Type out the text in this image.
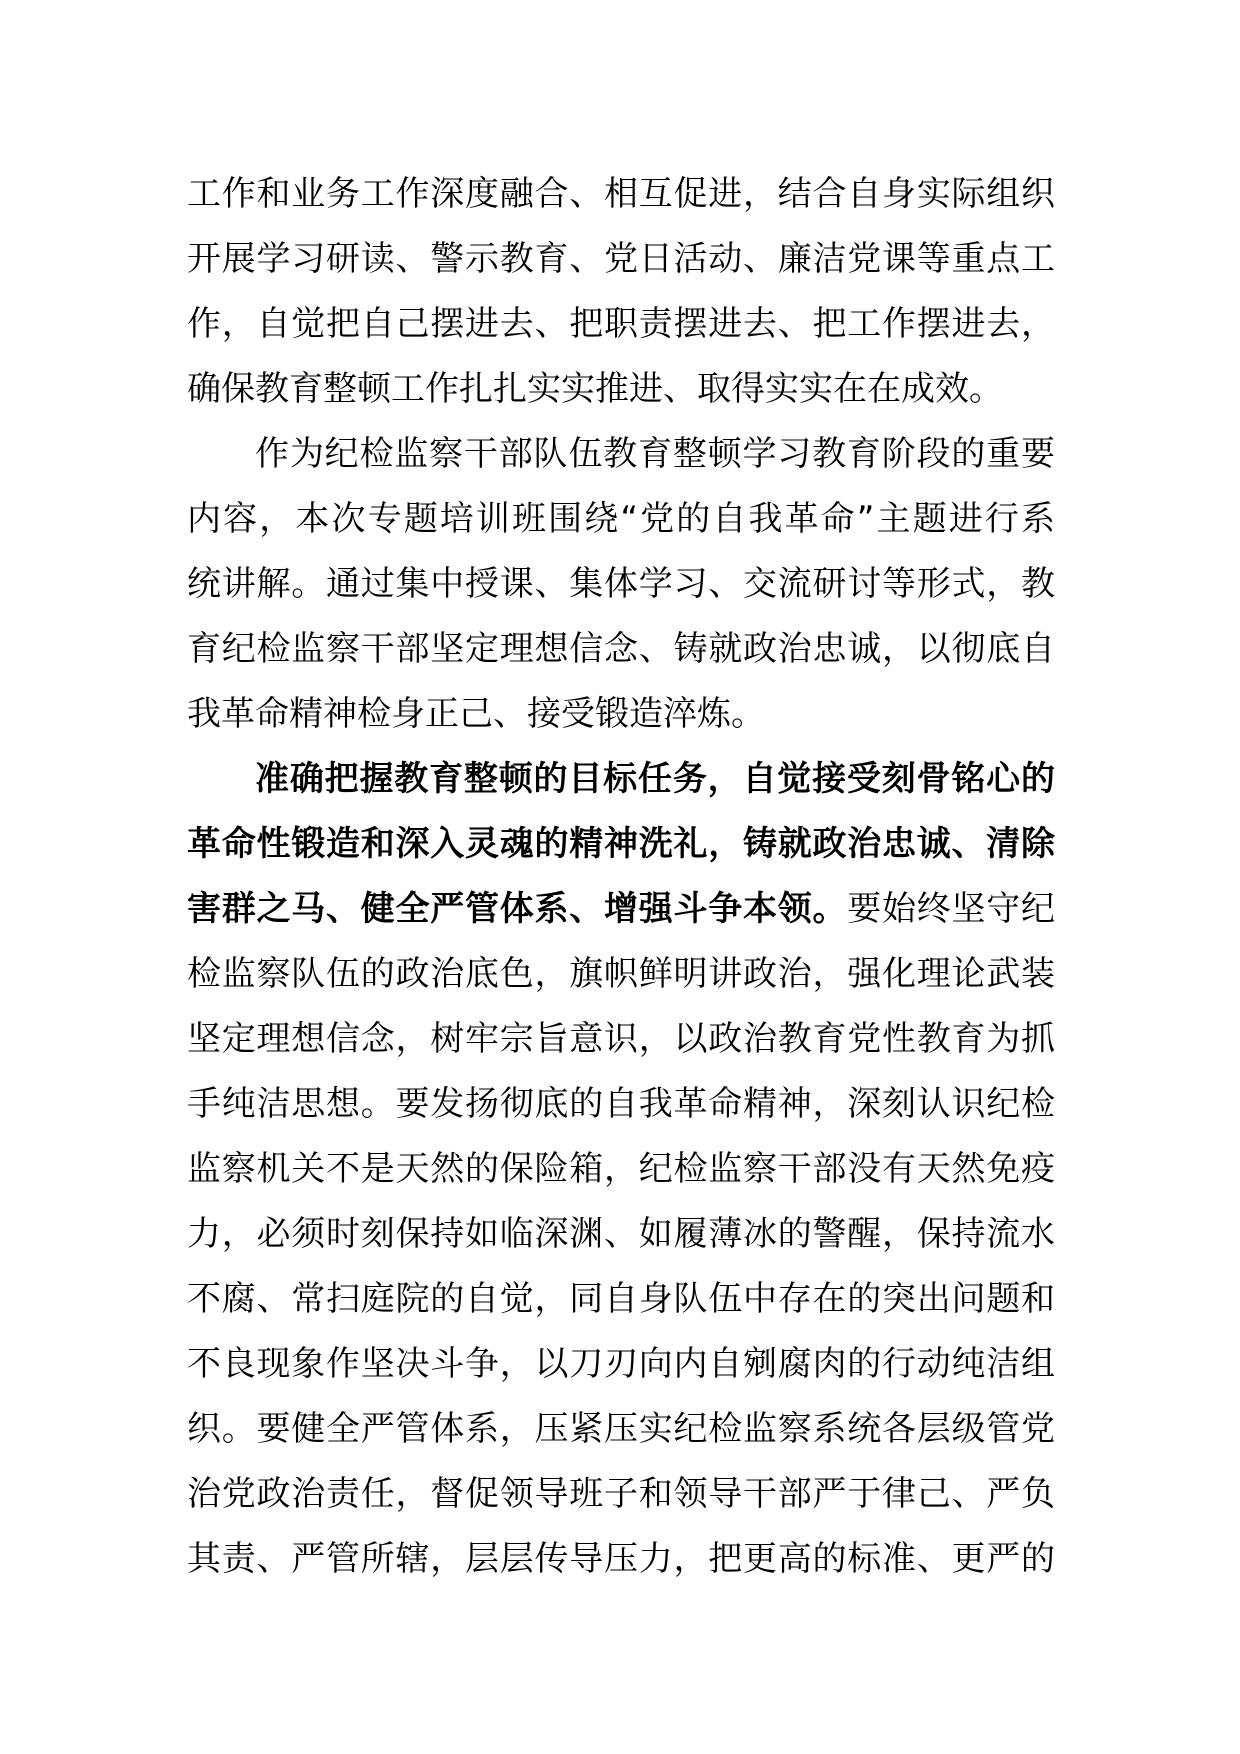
工作和业务工作深度融合、相互促进，结合自身实际组织
开展学习研读、警示教育、党日活动、廉洁党课等重点工
作，自觉把自己摆进去、把职责摆进去、把工作摆进去，
确保教育整顿工作扎扎实实推进、取得实实在在成效。
作为纪检监察干部队伍教育整顿学习教育阶段的重要
内容，本次专题培训班围绕“党的自我革命”主题进行系
统讲解。通过集中授课、集体学习、交流研讨等形式，教
育纪检监察干部坚定理想信念、铸就政治忠诚，以彻底自
我革命精神检身正己、接受锻造淬炼。
准确把握教育整顿的目标任务，自觉接受刻骨铭心的
革命性锻造和深入灵魂的精神洗礼，铸就政治忠诚、清除
害群之马、健全严管体系、增强斗争本领。要始终坚守纪
检监察队伍的政治底色，旗帜鲜明讲政治，强化理论武装
坚定理想信念，树牢宗旨意识，以政治教育党性教育为抓
手纯洁思想。要发扬彻底的自我革命精神，深刻认识纪检
监察机关不是天然的保险箱，纪检监察干部没有天然免疫
力，必须时刻保持如临深渊、如履薄冰的警醒，保持流水
不腐、常扫庭院的自觉，同自身队伍中存在的突出问题和
不良现象作坚决斗争，以刀刃向内自剜腐肉的行动纯洁组
织。要健全严管体系，压紧压实纪检监察系统各层级管党
治党政治责任，督促领导班子和领导干部严于律己、严负
其责、严管所辖，层层传导压力，把更高的标准、更严的
